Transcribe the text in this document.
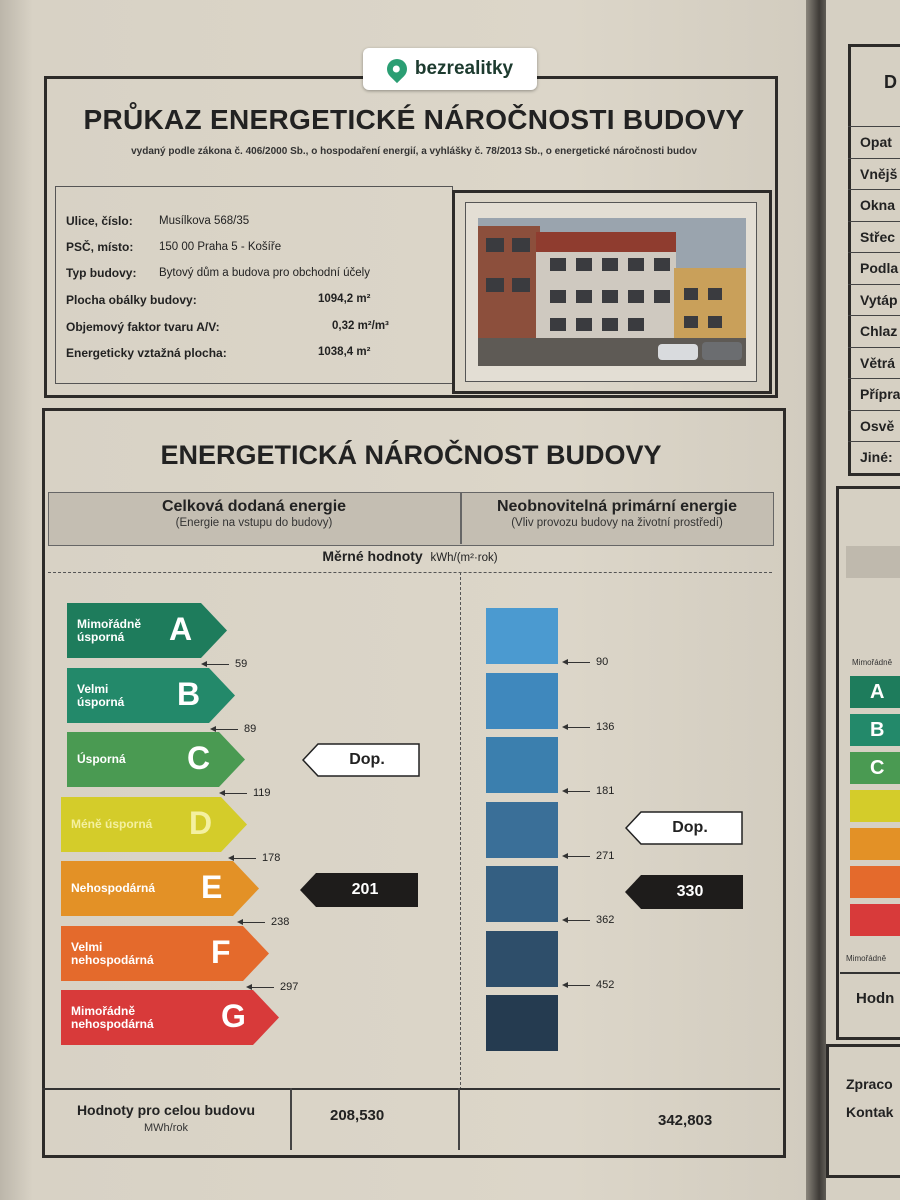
bezrealitky
PRŮKAZ ENERGETICKÉ NÁROČNOSTI BUDOVY
vydaný podle zákona č. 406/2000 Sb., o hospodaření energií, a vyhlášky č. 78/2013 Sb., o energetické náročnosti budov
Ulice, číslo: Musílkova 568/35
PSČ, místo: 150 00 Praha 5 - Košíře
Typ budovy: Bytový dům a budova pro obchodní účely
Plocha obálky budovy:	1094,2 m²
Objemový faktor tvaru A/V:	0,32 m²/m³
Energeticky vztažná plocha:	1038,4 m²
ENERGETICKÁ NÁROČNOST BUDOVY
Celková dodaná energie
(Energie na vstupu do budovy)
Neobnovitelná primární energie
(Vliv provozu budovy na životní prostředí)
Měrné hodnoty kWh/(m²·rok)
Mimořádně
úsporná	A
59	90
Velmi
úsporná B
89	136
Úsporná C
119	181
Méně úsporná D
178	271
Nehospodárná E
238	362
Velmi
nehospodárná F
297	452
Mimořádně
nehospodárná G
Dop.
201
Dop.
330
Hodnoty pro celou budovu
MWh/rok
208,530	342,803
D
Opat
Vnějš
Okna
Střec
Podla
Vytáp
Chlaz
Větrá
Přípra
Osvě
Jiné:
Mimořádně
A
B
C
Mimořádně
Hodn
Zpraco
Kontak
